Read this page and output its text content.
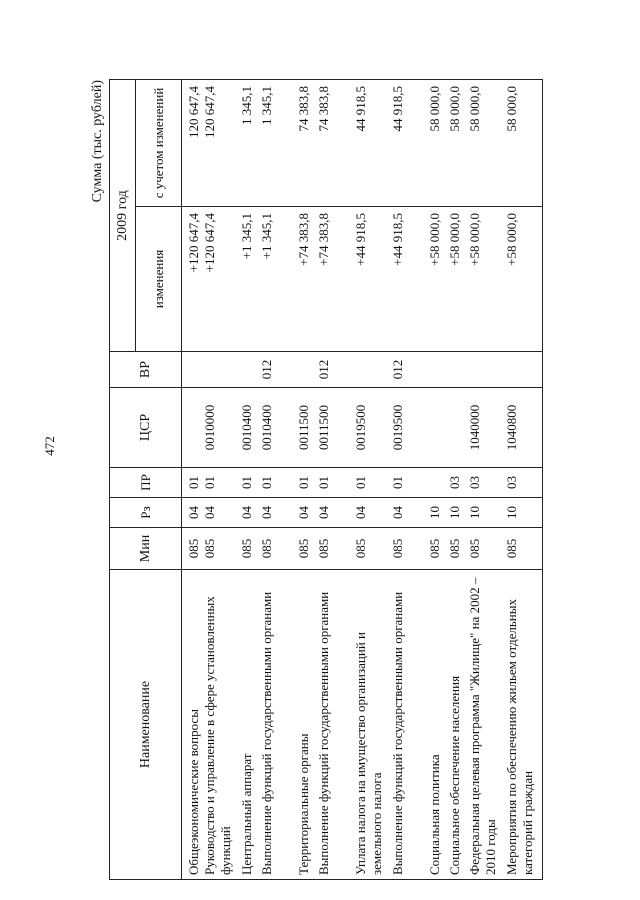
472
Сумма (тыс. рублей)
Наименование	Мин	Рз	ПР	ЦСР	ВР	2009 год	
						изменения	с учетом изменений
Общеэкономические вопросы	085	04	01			+120 647,4	120 647,4
Руководство и управление в сфере установленных функций	085	04	01	0010000		+120 647,4	120 647,4
Центральный аппарат	085	04	01	0010400		+1 345,1	1 345,1
Выполнение функций государственными органами	085	04	01	0010400	012	+1 345,1	1 345,1
Территориальные органы	085	04	01	0011500		+74 383,8	74 383,8
Выполнение функций государственными органами	085	04	01	0011500	012	+74 383,8	74 383,8
Уплата налога на имущество организаций и земельного налога	085	04	01	0019500		+44 918,5	44 918,5
Выполнение функций государственными органами	085	04	01	0019500	012	+44 918,5	44 918,5
Социальная политика	085	10				+58 000,0	58 000,0
Социальное обеспечение населения	085	10	03			+58 000,0	58 000,0
Федеральная целевая программа "Жилище" на 2002 – 2010 годы	085	10	03	1040000		+58 000,0	58 000,0
Мероприятия по обеспечению жильем отдельных категорий граждан	085	10	03	1040800		+58 000,0	58 000,0
